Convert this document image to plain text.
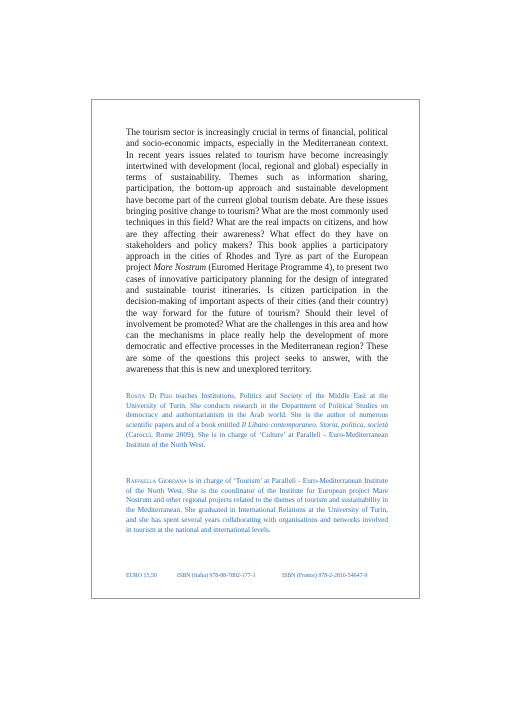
The tourism sector is increasingly crucial in terms of financial, political and socio-economic impacts, especially in the Mediterranean context. In recent years issues related to tourism have become increasingly intertwined with development (local, regional and global) especially in terms of sustainability. Themes such as information sharing, participation, the bottom-up approach and sustainable development have become part of the current global tourism debate. Are these issues bringing positive change to tourism? What are the most commonly used techniques in this field? What are the real impacts on citizens, and how are they affecting their awareness? What effect do they have on stakeholders and policy makers? This book applies a participatory approach in the cities of Rhodes and Tyre as part of the European project Mare Nostrum (Euromed Heritage Programme 4), to present two cases of innovative participatory planning for the design of integrated and sustainable tourist itineraries. Is citizen participation in the decision-making of important aspects of their cities (and their country) the way forward for the future of tourism? Should their level of involvement be promoted? What are the challenges in this area and how can the mechanisms in place really help the development of more democratic and effective processes in the Mediterranean region? These are some of the questions this project seeks to answer, with the awareness that this is new and unexplored territory.

Rosita Di Peri teaches Institutions, Politics and Society of the Middle East at the University of Turin. She conducts research in the Department of Political Studies on democracy and authoritarianism in the Arab world. She is the author of numerous scientific papers and of a book entitled Il Libano contemporaneo. Storia, politica, società (Carocci, Rome 2009). She is in charge of ‘Culture’ at Paralleli - Euro-Mediterranean Institute of the North West.

Raffaella Giordana is in charge of ‘Tourism’ at Paralleli - Euro-Mediterranean Institute of the North West. She is the coordinator of the Institute for European project Mare Nostrum and other regional projects related to the themes of tourism and sustainability in the Mediterranean. She graduated in International Relations at the University of Turin, and she has spent several years collaborating with organisations and networks involved in tourism at the national and international levels.

EURO 15,50	ISBN (Italia) 978-88-7892-177-1	ISBN (France) 978-2-2816-54647-9
